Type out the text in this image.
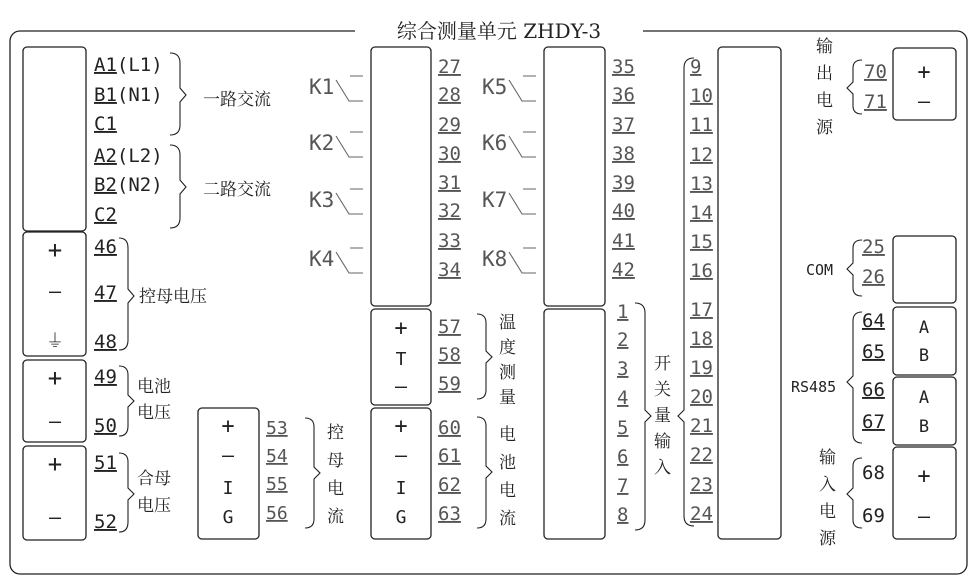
综合测量单元 ZHDY-3
A1(L1)
B1(N1)
C1
一路交流
A2(L2)
B2(N2)
C2
二路交流
+
—
⏚
46
47
48
控母电压
+
—
49
50
电池
电压
+
—
51
52
合母
电压
+
—
I
G
53
54
55
56
控
母
电
流
K1
K2
K3
K4
27
28
29
30
31
32
33
34
+
T
—
57
58
59
温
度
测
量
+
—
I
G
60
61
62
63
电
池
电
流
K5
K6
K7
K8
35
36
37
38
39
40
41
42
1
2
3
4
5
6
7
8
开
关
量
输
入
9
10
11
12
13
14
15
16
17
18
19
20
21
22
23
24
输
出
电
源
70
71
+
—
COM
25
26
RS485
64
65
66
67
A
B
A
B
输
入
电
源
68
69
+
—
